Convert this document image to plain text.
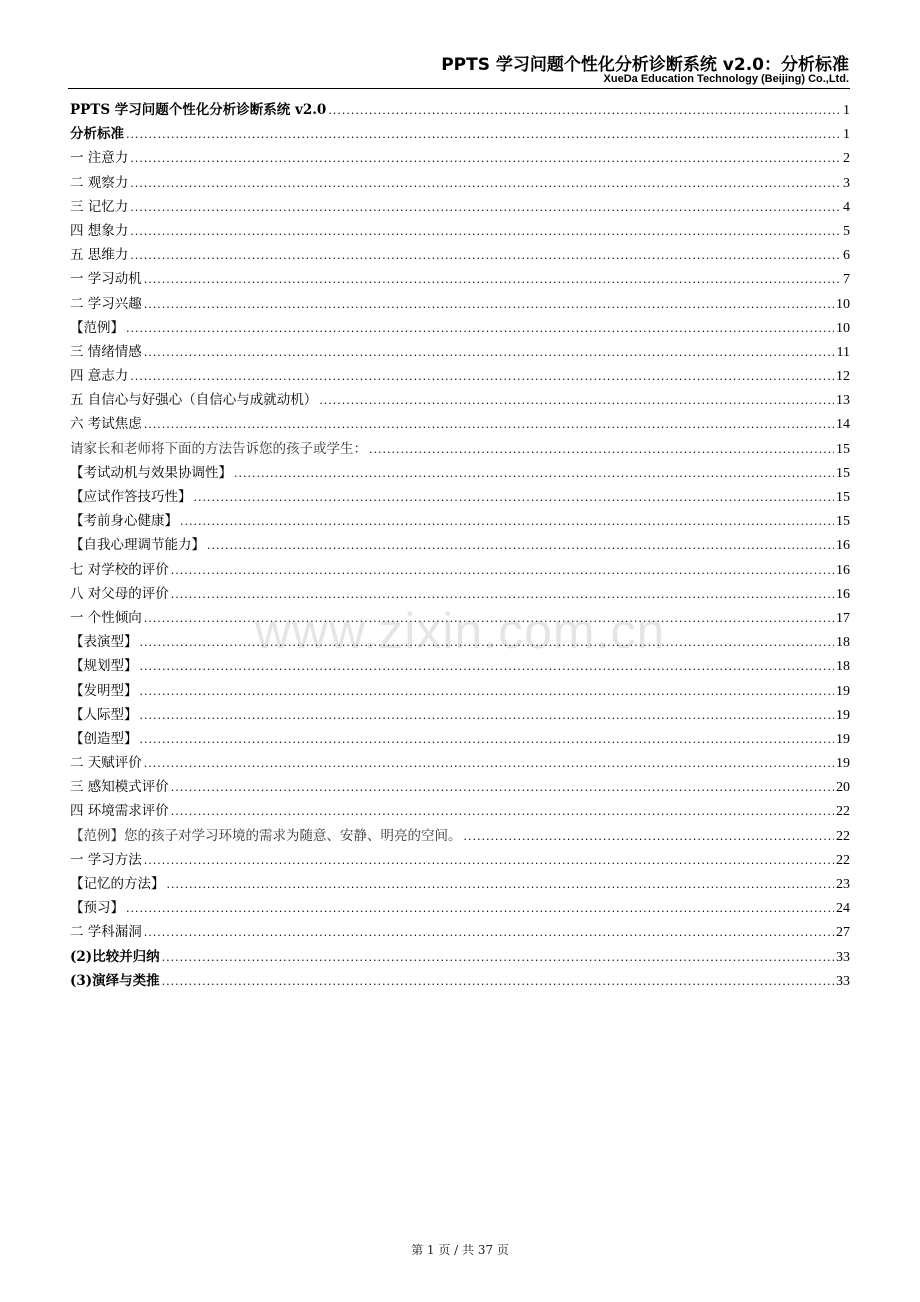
PPTS 学习问题个性化分析诊断系统 v2.0：分析标准
XueDa Education Technology (Beijing) Co.,Ltd.
PPTS 学习问题个性化分析诊断系统 v2.0 .....	1
分析标准 .....	1
一 注意力 .....	2
二 观察力 .....	3
三 记忆力 .....	4
四 想象力 .....	5
五 思维力 .....	6
一 学习动机 .....	7
二 学习兴趣 .....	10
【范例】 .....	10
三 情绪情感 .....	11
四 意志力 .....	12
五 自信心与好强心（自信心与成就动机） .....	13
六 考试焦虑 .....	14
请家长和老师将下面的方法告诉您的孩子或学生： .....	15
【考试动机与效果协调性】 .....	15
【应试作答技巧性】 .....	15
【考前身心健康】 .....	15
【自我心理调节能力】 .....	16
七 对学校的评价 .....	16
八 对父母的评价 .....	16
一 个性倾向 .....	17
【表演型】 .....	18
【规划型】 .....	18
【发明型】 .....	19
【人际型】 .....	19
【创造型】 .....	19
二 天赋评价 .....	19
三 感知模式评价 .....	20
四 环境需求评价 .....	22
【范例】您的孩子对学习环境的需求为随意、安静、明亮的空间。 .....	22
一 学习方法 .....	22
【记忆的方法】 .....	23
【预习】 .....	24
二 学科漏洞 .....	27
(2)比较并归纳 .....	33
(3)演绎与类推 .....	33
www.zixin.com.cn
第 1 页 / 共 37 页
